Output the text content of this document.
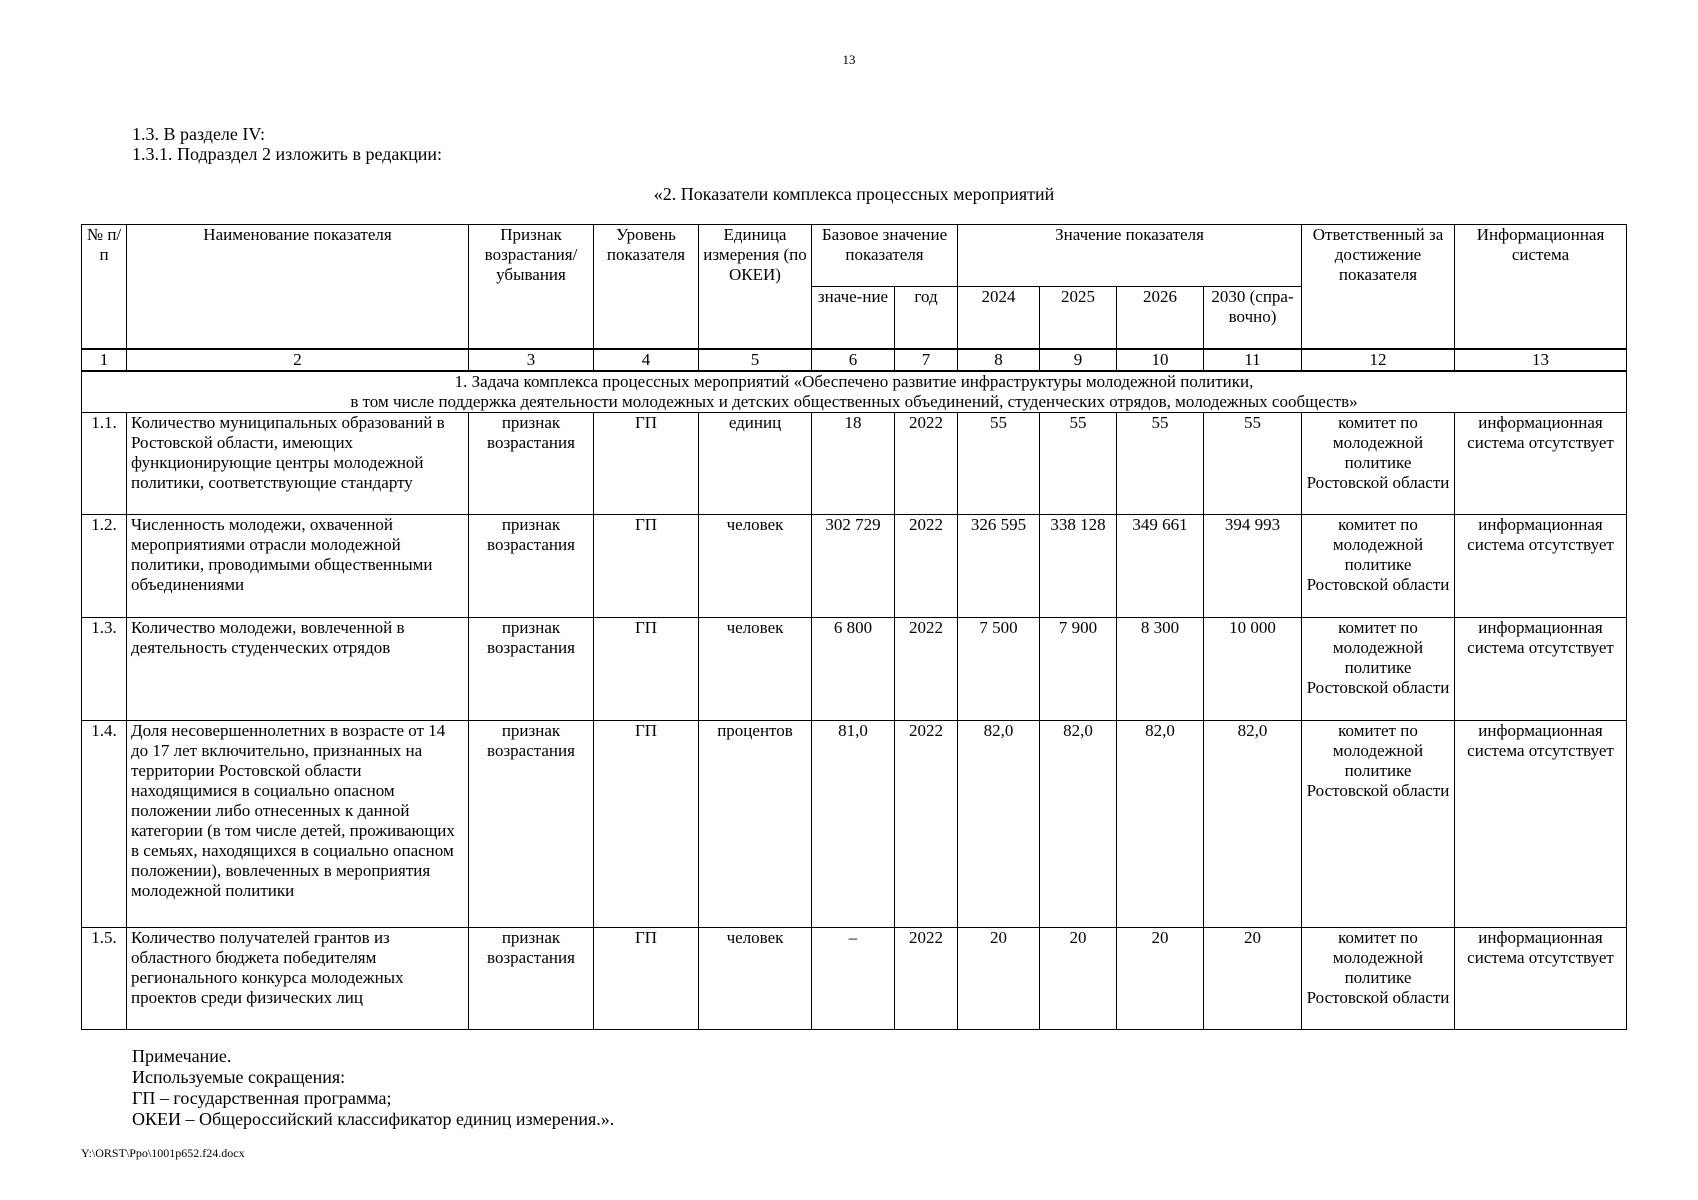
13
1.3. В разделе IV:
1.3.1. Подраздел 2 изложить в редакции:
«2. Показатели комплекса процессных мероприятий
№ п/п	Наименование показателя	Признак возрастания/ убывания	Уровень показателя	Единица измерения (по ОКЕИ)	Базовое значение показателя		Значение показателя				Ответственный за достижение показателя	Информационная система
					значе-ние	год	2024	2025	2026	2030 (спра-вочно)		
1	2	3	4	5	6	7	8	9	10	11	12	13

1. Задача комплекса процессных мероприятий «Обеспечено развитие инфраструктуры молодежной политики,
в том числе поддержка деятельности молодежных и детских общественных объединений, студенческих отрядов, молодежных сообществ»												

1.1.	Количество муниципальных образований в Ростовской области, имеющих функционирующие центры молодежной политики, соответствующие стандарту	признак возрастания	ГП	единиц	18	2022	55	55	55	55	комитет по молодежной политике Ростовской области	информационная система отсутствует
1.2.	Численность молодежи, охваченной мероприятиями отрасли молодежной политики, проводимыми общественными объединениями	признак возрастания	ГП	человек	302 729	2022	326 595	338 128	349 661	394 993	комитет по молодежной политике Ростовской области	информационная система отсутствует
1.3.	Количество молодежи, вовлеченной в деятельность студенческих отрядов	признак возрастания	ГП	человек	6 800	2022	7 500	7 900	8 300	10 000	комитет по молодежной политике Ростовской области	информационная система отсутствует
1.4.	Доля несовершеннолетних в возрасте от 14 до 17 лет включительно, признанных на территории Ростовской области находящимися в социально опасном положении либо отнесенных к данной категории (в том числе детей, проживающих в семьях, находящихся в социально опасном положении), вовлеченных в мероприятия молодежной политики	признак возрастания	ГП	процентов	81,0	2022	82,0	82,0	82,0	82,0	комитет по молодежной политике Ростовской области	информационная система отсутствует
1.5.	Количество получателей грантов из областного бюджета победителям регионального конкурса молодежных проектов среди физических лиц	признак возрастания	ГП	человек	–	2022	20	20	20	20	комитет по молодежной политике Ростовской области	информационная система отсутствует
Примечание.
Используемые сокращения:
ГП – государственная программа;
ОКЕИ – Общероссийский классификатор единиц измерения.».
Y:\ORST\Ppo\1001p652.f24.docx
